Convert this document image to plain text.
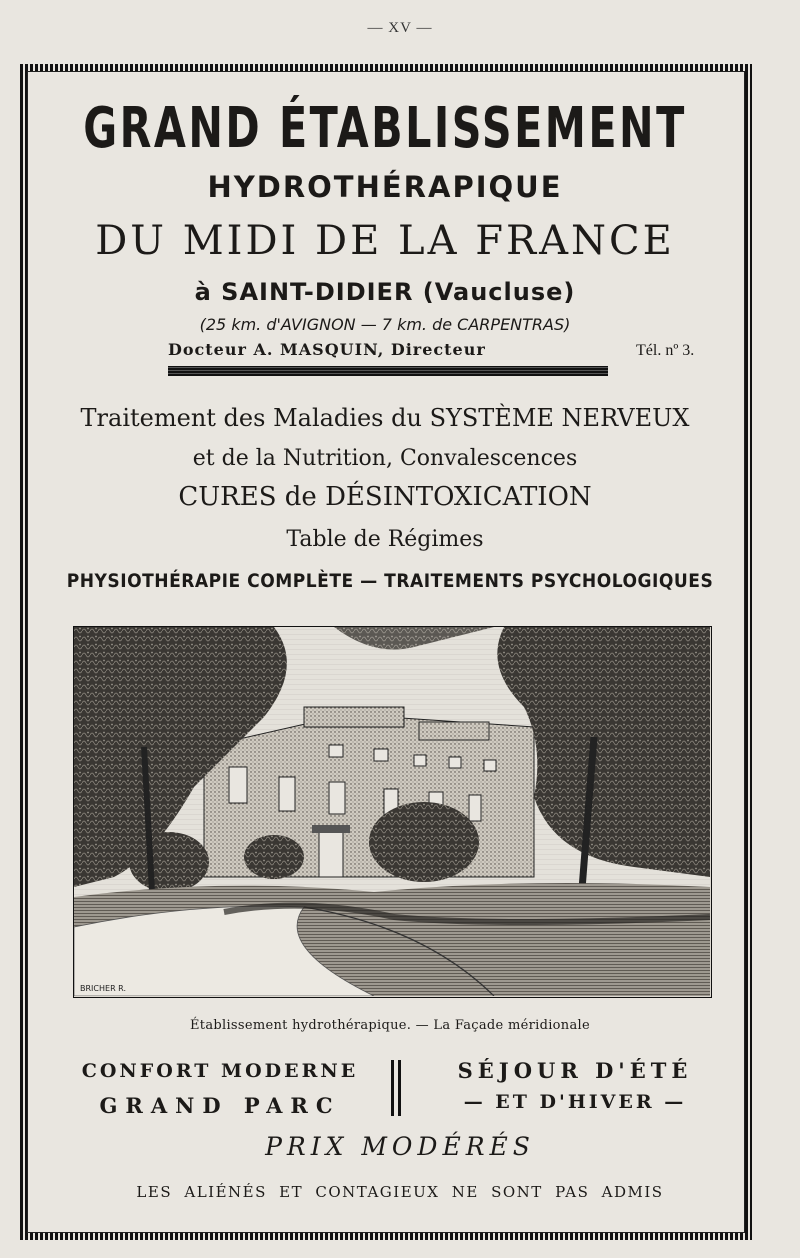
— XV —
GRAND ÉTABLISSEMENT
HYDROTHÉRAPIQUE
DU MIDI DE LA FRANCE
à SAINT-DIDIER (Vaucluse)
(25 km. d'AVIGNON — 7 km. de CARPENTRAS)
Docteur A. MASQUIN, Directeur	Tél. nº 3.
Traitement des Maladies du SYSTÈME NERVEUX
et de la Nutrition, Convalescences
CURES de DÉSINTOXICATION
Table de Régimes
PHYSIOTHÉRAPIE COMPLÈTE — TRAITEMENTS PSYCHOLOGIQUES
BRICHER R.
Établissement hydrothérapique. — La Façade méridionale
CONFORT MODERNE
GRAND PARC
SÉJOUR D'ÉTÉ
— ET D'HIVER —
PRIX MODÉRÉS
LES ALIÉNÉS ET CONTAGIEUX NE SONT PAS ADMIS
